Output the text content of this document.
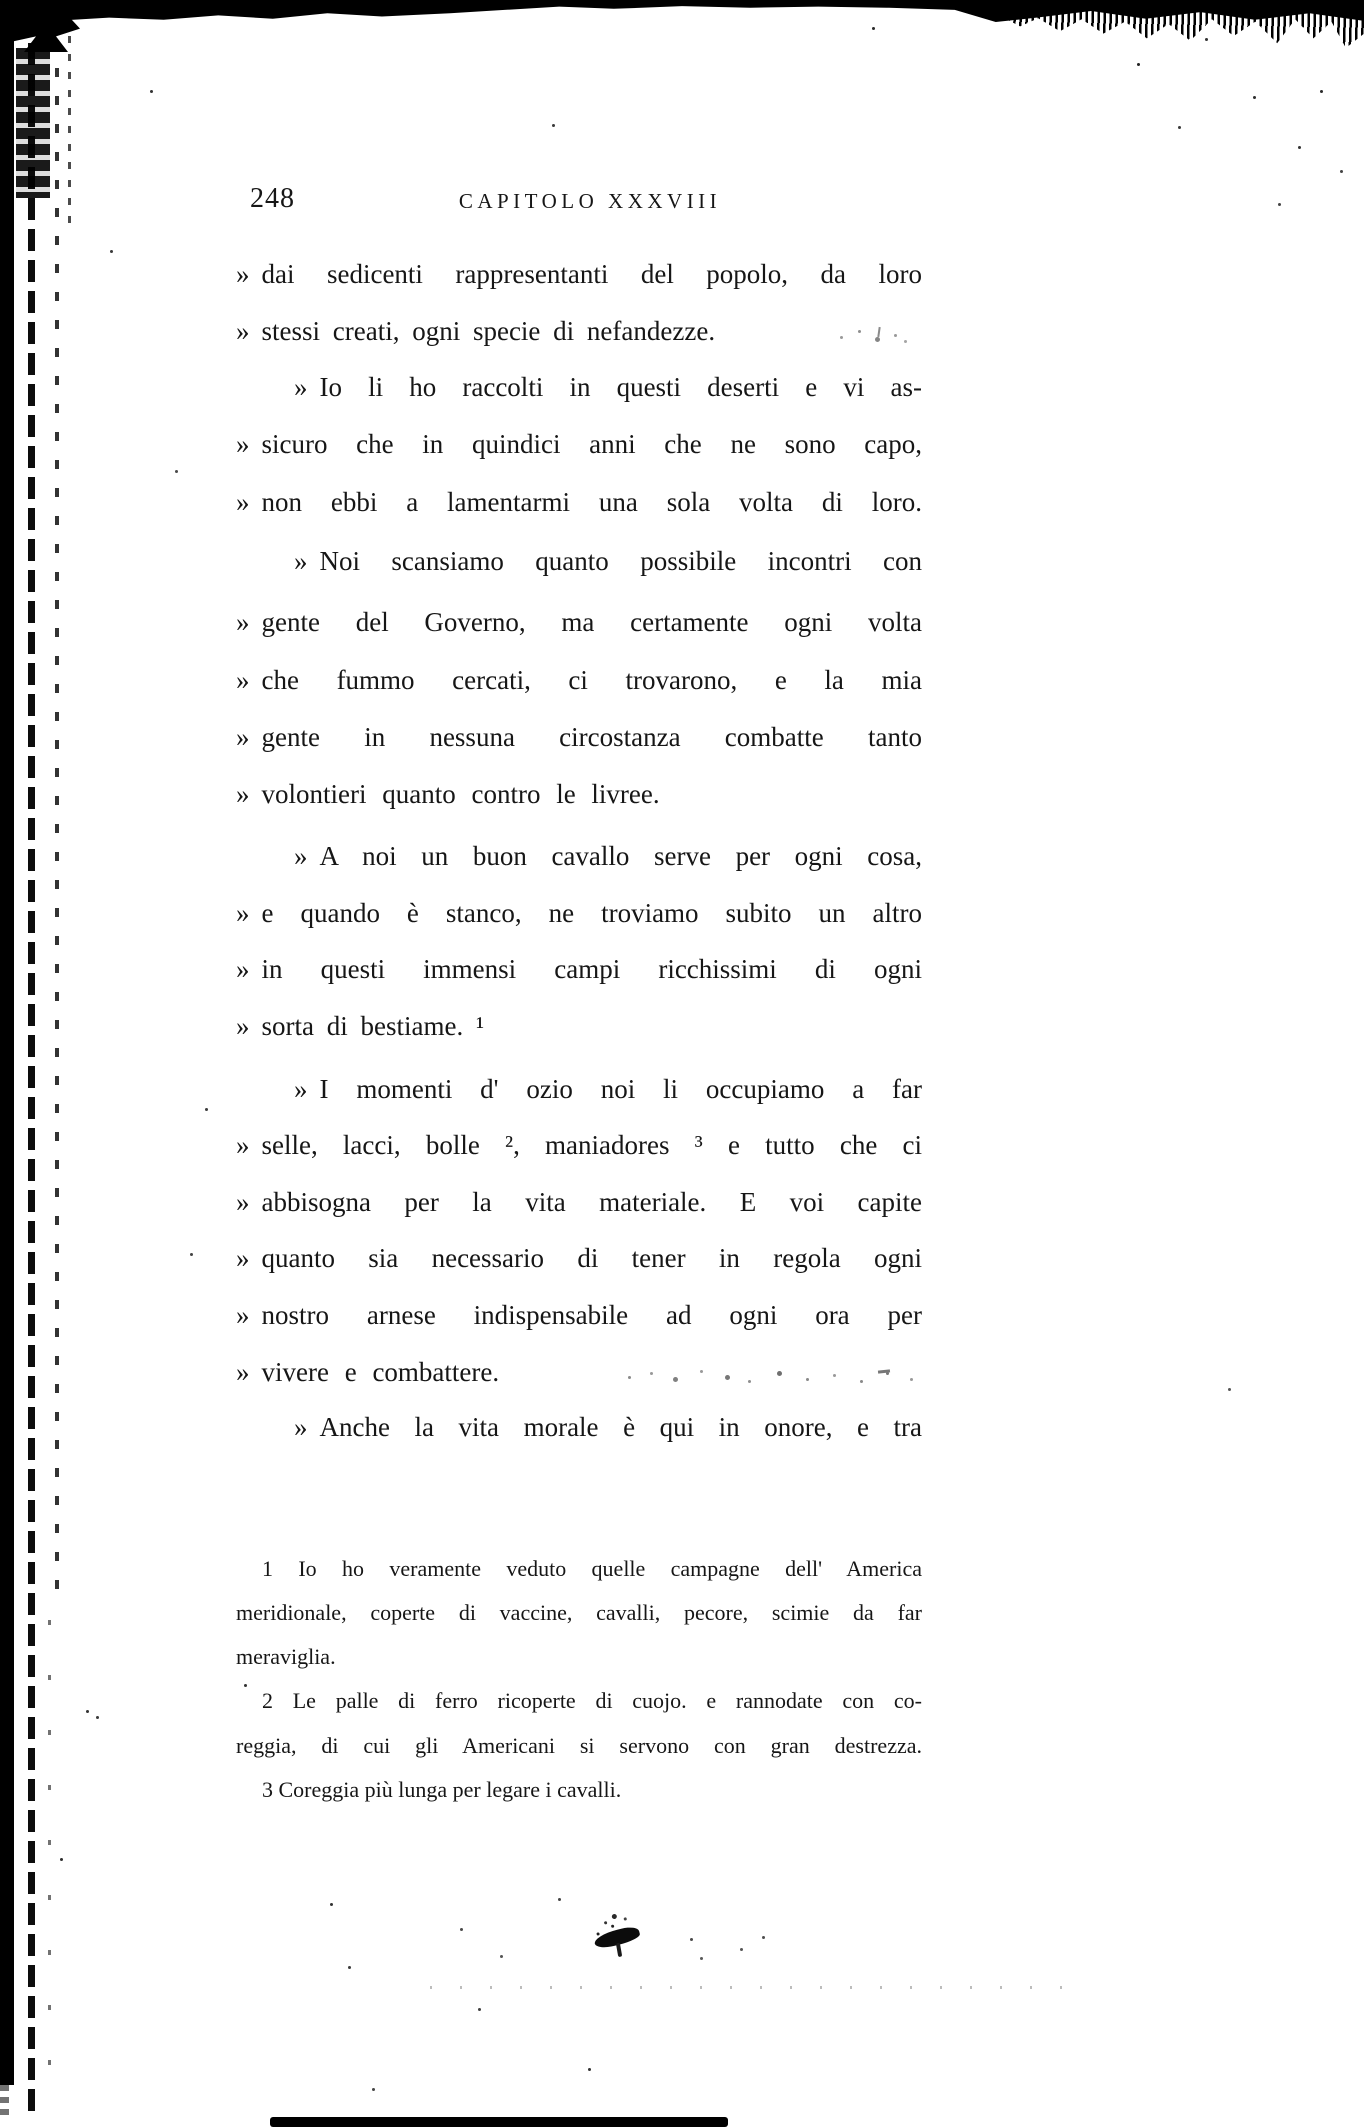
248	CAPITOLO XXXVIII
» dai sedicenti rappresentanti del popolo, da loro
» stessi creati, ogni specie di nefandezze.
» Io li ho raccolti in questi deserti e vi as-
» sicuro che in quindici anni che ne sono capo,
» non ebbi a lamentarmi una sola volta di loro.
» Noi scansiamo quanto possibile incontri con
» gente del Governo, ma certamente ogni volta
» che fummo cercati, ci trovarono, e la mia
» gente in nessuna circostanza combatte tanto
» volontieri quanto contro le livree.
» A noi un buon cavallo serve per ogni cosa,
» e quando è stanco, ne troviamo subito un altro
» in questi immensi campi ricchissimi di ogni
» sorta di bestiame. ¹
» I momenti d' ozio noi li occupiamo a far
» selle, lacci, bolle ², maniadores ³ e tutto che ci
» abbisogna per la vita materiale. E voi capite
» quanto sia necessario di tener in regola ogni
» nostro arnese indispensabile ad ogni ora per
» vivere e combattere.
» Anche la vita morale è qui in onore, e tra
1 Io ho veramente veduto quelle campagne dell' America
meridionale, coperte di vaccine, cavalli, pecore, scimie da far
meraviglia.
2 Le palle di ferro ricoperte di cuojo. e rannodate con co-
reggia, di cui gli Americani si servono con gran destrezza.
3 Coreggia più lunga per legare i cavalli.
